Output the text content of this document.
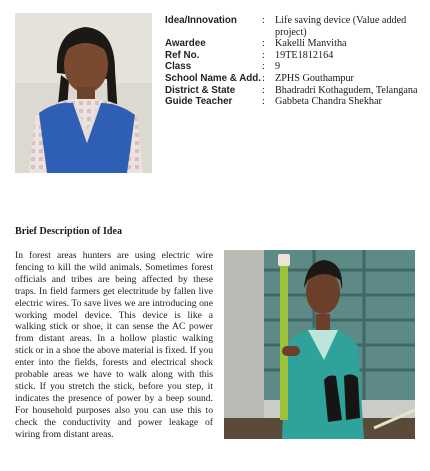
Idea/Innovation	: Life saving device (Value added project)
Awardee	: Kakelli Manvitha
Ref No.	: 19TE1812164
Class	: 9
School Name & Add. : ZPHS Gouthampur
District & State	: Bhadradri Kothagudem, Telangana
Guide Teacher	: Gabbeta Chandra Shekhar
Brief Description of Idea
In forest areas hunters are using electric wire fencing to kill the wild animals. Sometimes forest officials and tribes are being affected by these traps. In field farmers get electritude by fallen live electric wires. To save lives we are introducing one working model device. This device is like a walking stick or shoe, it can sense the AC power from distant areas. In a hollow plastic walking stick or in a shoe the above material is fixed. If you enter into the fields, forests and electrical shock probable areas we have to walk along with this stick. If you stretch the stick, before you step, it indicates the presence of power by a beep sound. For household purposes also you can use this to check the conductivity and power leakage of wiring from distant areas.
